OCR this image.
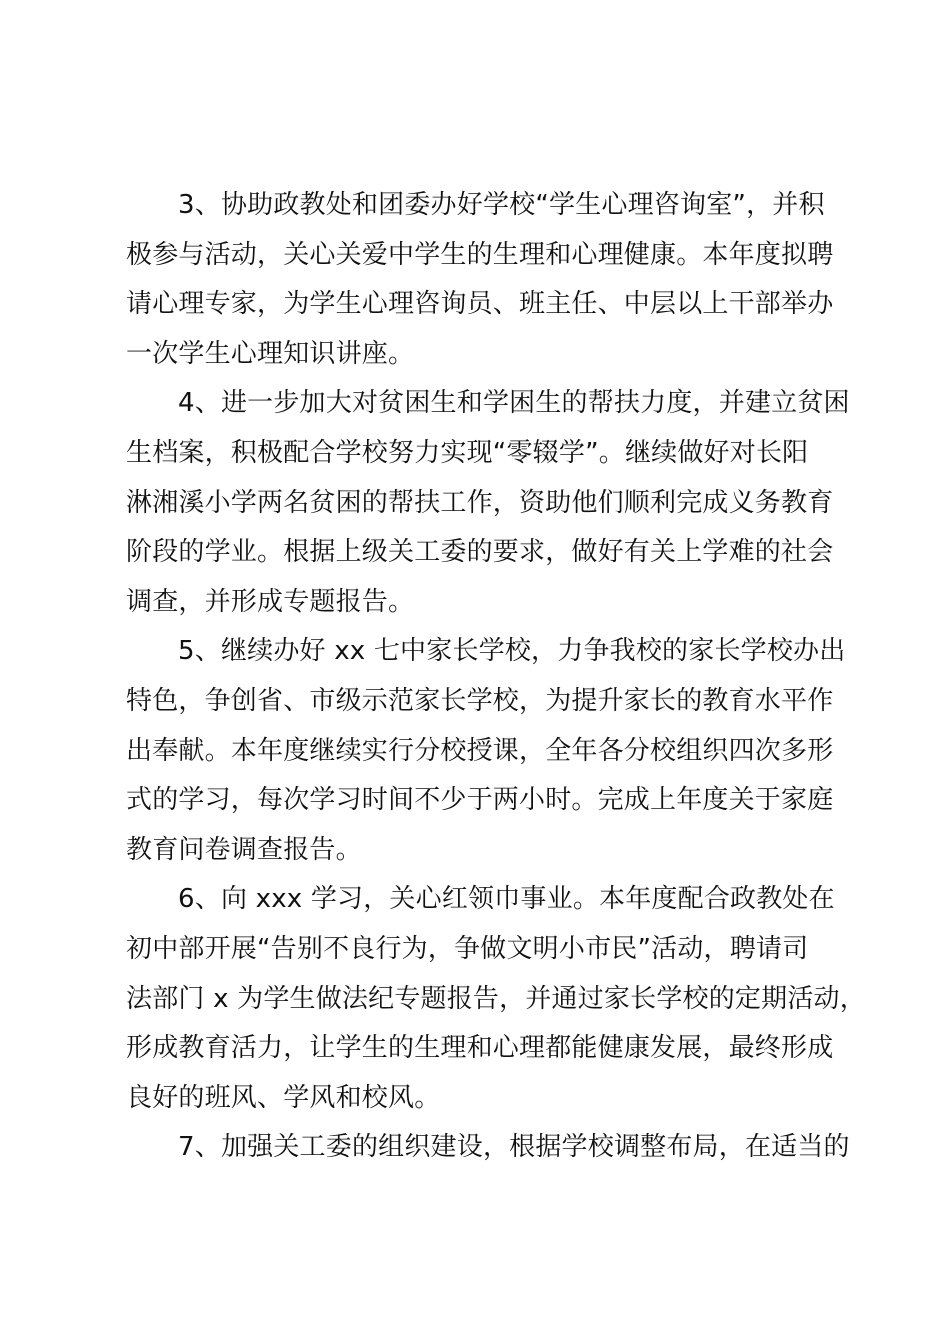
3、协助政教处和团委办好学校“学生心理咨询室”，并积
极参与活动，关心关爱中学生的生理和心理健康。本年度拟聘
请心理专家，为学生心理咨询员、班主任、中层以上干部举办
一次学生心理知识讲座。

4、进一步加大对贫困生和学困生的帮扶力度，并建立贫困
生档案，积极配合学校努力实现“零辍学”。继续做好对长阳
淋湘溪小学两名贫困的帮扶工作，资助他们顺利完成义务教育
阶段的学业。根据上级关工委的要求，做好有关上学难的社会
调查，并形成专题报告。

5、继续办好 xx 七中家长学校，力争我校的家长学校办出
特色，争创省、市级示范家长学校，为提升家长的教育水平作
出奉献。本年度继续实行分校授课，全年各分校组织四次多形
式的学习，每次学习时间不少于两小时。完成上年度关于家庭
教育问卷调查报告。

6、向 xxx 学习，关心红领巾事业。本年度配合政教处在
初中部开展“告别不良行为，争做文明小市民”活动，聘请司
法部门 x 为学生做法纪专题报告，并通过家长学校的定期活动，
形成教育活力，让学生的生理和心理都能健康发展，最终形成
良好的班风、学风和校风。

7、加强关工委的组织建设，根据学校调整布局，在适当的
